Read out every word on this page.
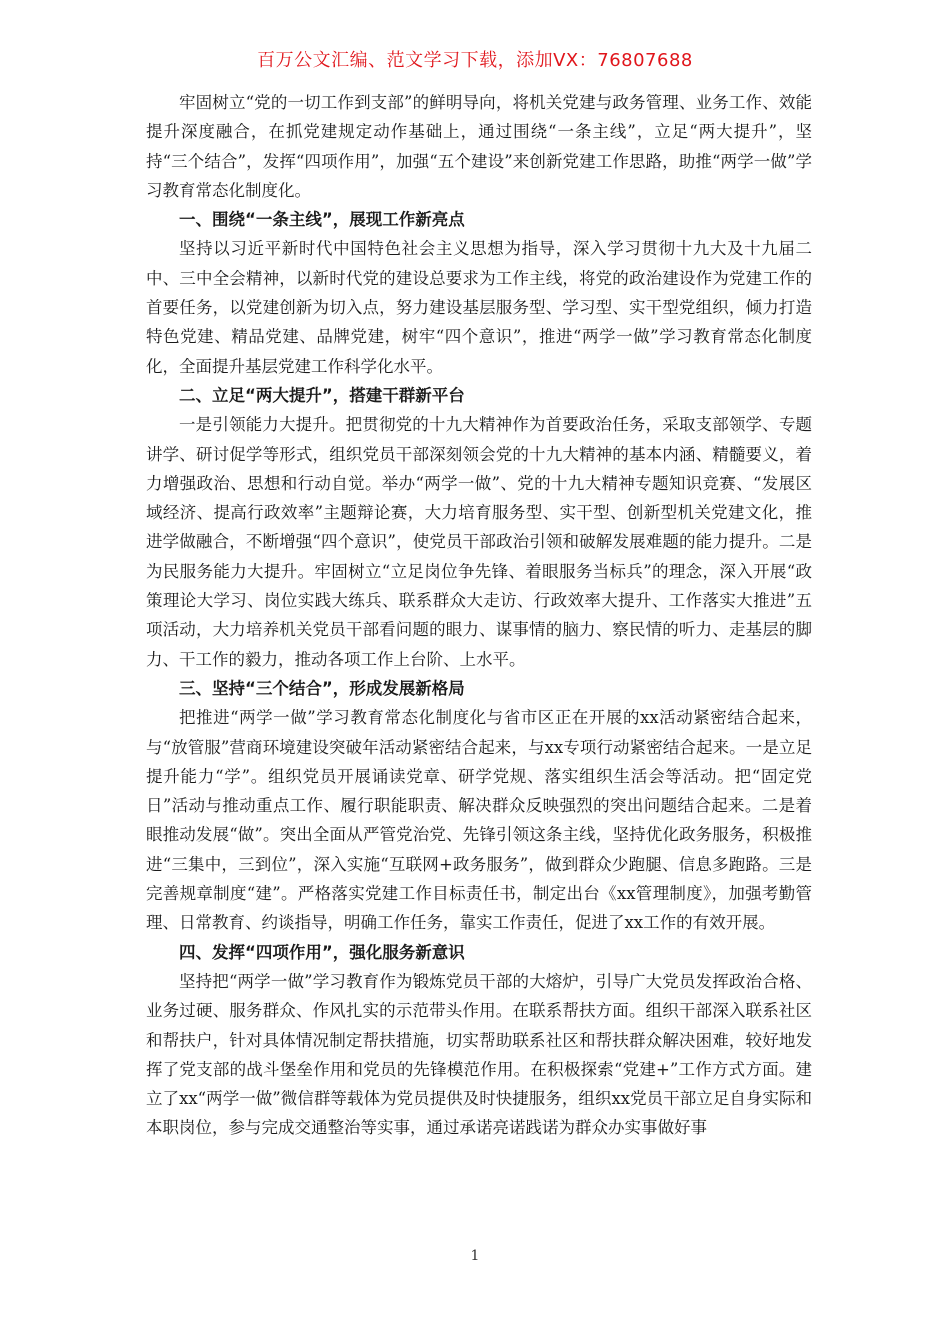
百万公文汇编、范文学习下载，添加VX：76807688

牢固树立“党的一切工作到支部”的鲜明导向，将机关党建与政务管理、业务工作、效能提升深度融合，在抓党建规定动作基础上，通过围绕“一条主线”，立足“两大提升”，坚持“三个结合”，发挥“四项作用”，加强“五个建设”来创新党建工作思路，助推“两学一做”学习教育常态化制度化。

一、围绕“一条主线”，展现工作新亮点

坚持以习近平新时代中国特色社会主义思想为指导，深入学习贯彻十九大及十九届二中、三中全会精神，以新时代党的建设总要求为工作主线，将党的政治建设作为党建工作的首要任务，以党建创新为切入点，努力建设基层服务型、学习型、实干型党组织，倾力打造特色党建、精品党建、品牌党建，树牢“四个意识”，推进“两学一做”学习教育常态化制度化，全面提升基层党建工作科学化水平。

二、立足“两大提升”，搭建干群新平台

一是引领能力大提升。把贯彻党的十九大精神作为首要政治任务，采取支部领学、专题讲学、研讨促学等形式，组织党员干部深刻领会党的十九大精神的基本内涵、精髓要义，着力增强政治、思想和行动自觉。举办“两学一做”、党的十九大精神专题知识竞赛、“发展区域经济、提高行政效率”主题辩论赛，大力培育服务型、实干型、创新型机关党建文化，推进学做融合，不断增强“四个意识”，使党员干部政治引领和破解发展难题的能力提升。二是为民服务能力大提升。牢固树立“立足岗位争先锋、着眼服务当标兵”的理念，深入开展“政策理论大学习、岗位实践大练兵、联系群众大走访、行政效率大提升、工作落实大推进”五项活动，大力培养机关党员干部看问题的眼力、谋事情的脑力、察民情的听力、走基层的脚力、干工作的毅力，推动各项工作上台阶、上水平。

三、坚持“三个结合”，形成发展新格局

把推进“两学一做”学习教育常态化制度化与省市区正在开展的xx活动紧密结合起来，与“放管服”营商环境建设突破年活动紧密结合起来，与xx专项行动紧密结合起来。一是立足提升能力“学”。组织党员开展诵读党章、研学党规、落实组织生活会等活动。把“固定党日”活动与推动重点工作、履行职能职责、解决群众反映强烈的突出问题结合起来。二是着眼推动发展“做”。突出全面从严管党治党、先锋引领这条主线，坚持优化政务服务，积极推进“三集中，三到位”，深入实施“互联网+政务服务”，做到群众少跑腿、信息多跑路。三是完善规章制度“建”。严格落实党建工作目标责任书，制定出台《xx管理制度》，加强考勤管理、日常教育、约谈指导，明确工作任务，靠实工作责任，促进了xx工作的有效开展。

四、发挥“四项作用”，强化服务新意识

坚持把“两学一做”学习教育作为锻炼党员干部的大熔炉，引导广大党员发挥政治合格、业务过硬、服务群众、作风扎实的示范带头作用。在联系帮扶方面。组织干部深入联系社区和帮扶户，针对具体情况制定帮扶措施，切实帮助联系社区和帮扶群众解决困难，较好地发挥了党支部的战斗堡垒作用和党员的先锋模范作用。在积极探索“党建+”工作方式方面。建立了xx“两学一做”微信群等载体为党员提供及时快捷服务，组织xx党员干部立足自身实际和本职岗位，参与完成交通整治等实事，通过承诺亮诺践诺为群众办实事做好事

1
